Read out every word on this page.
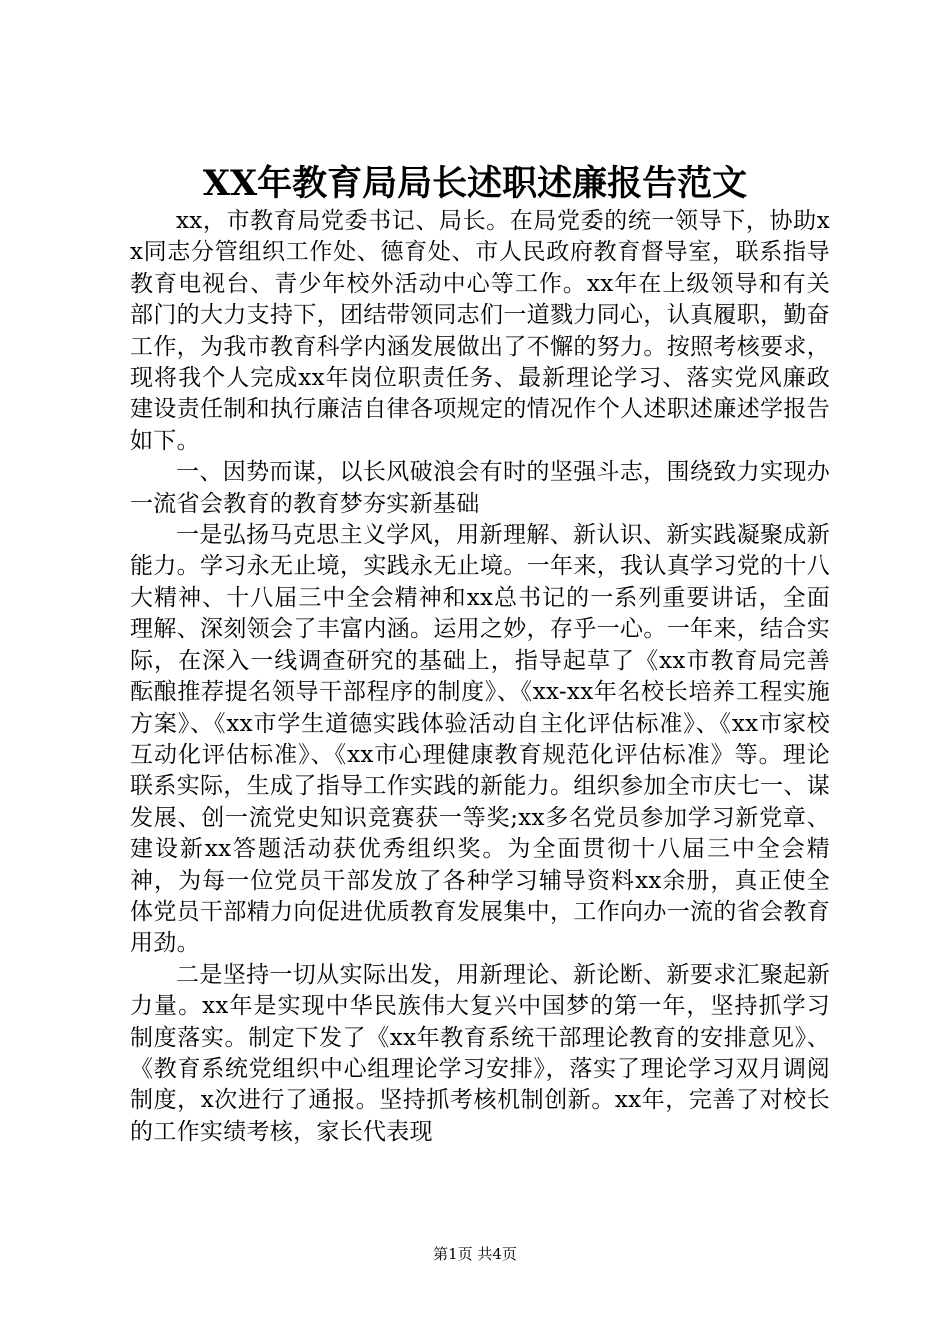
XX年教育局局长述职述廉报告范文

xx，市教育局党委书记、局长。在局党委的统一领导下，协助xx同志分管组织工作处、德育处、市人民政府教育督导室，联系指导教育电视台、青少年校外活动中心等工作。xx年在上级领导和有关部门的大力支持下，团结带领同志们一道戮力同心，认真履职，勤奋工作，为我市教育科学内涵发展做出了不懈的努力。按照考核要求，现将我个人完成xx年岗位职责任务、最新理论学习、落实党风廉政建设责任制和执行廉洁自律各项规定的情况作个人述职述廉述学报告如下。

一、因势而谋，以长风破浪会有时的坚强斗志，围绕致力实现办一流省会教育的教育梦夯实新基础

一是弘扬马克思主义学风，用新理解、新认识、新实践凝聚成新能力。学习永无止境，实践永无止境。一年来，我认真学习党的十八大精神、十八届三中全会精神和xx总书记的一系列重要讲话，全面理解、深刻领会了丰富内涵。运用之妙，存乎一心。一年来，结合实际，在深入一线调查研究的基础上，指导起草了《xx市教育局完善酝酿推荐提名领导干部程序的制度》、《xx-xx年名校长培养工程实施方案》、《xx市学生道德实践体验活动自主化评估标准》、《xx市家校互动化评估标准》、《xx市心理健康教育规范化评估标准》等。理论联系实际，生成了指导工作实践的新能力。组织参加全市庆七一、谋发展、创一流党史知识竞赛获一等奖;xx多名党员参加学习新党章、建设新xx答题活动获优秀组织奖。为全面贯彻十八届三中全会精神，为每一位党员干部发放了各种学习辅导资料xx余册，真正使全体党员干部精力向促进优质教育发展集中，工作向办一流的省会教育用劲。

二是坚持一切从实际出发，用新理论、新论断、新要求汇聚起新力量。xx年是实现中华民族伟大复兴中国梦的第一年，坚持抓学习制度落实。制定下发了《xx年教育系统干部理论教育的安排意见》、《教育系统党组织中心组理论学习安排》，落实了理论学习双月调阅制度，x次进行了通报。坚持抓考核机制创新。xx年，完善了对校长的工作实绩考核，家长代表现

第1页 共4页
